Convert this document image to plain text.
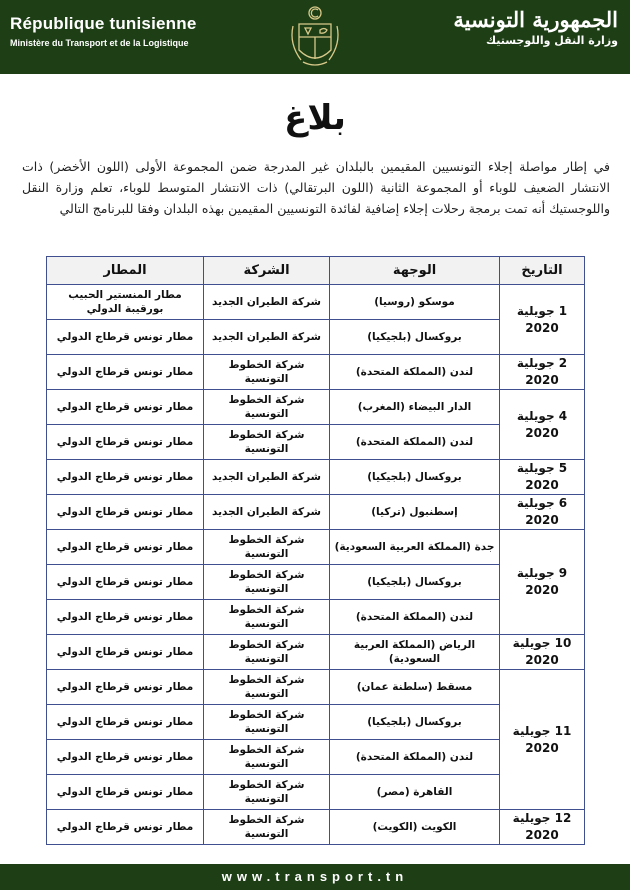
République tunisienne
Ministère du Transport et de la Logistique
الجمهورية التونسية
وزارة النقل واللوجستيك
بلاغ
في إطار مواصلة إجلاء التونسيين المقيمين بالبلدان غير المدرجة ضمن المجموعة الأولى (اللون الأخضر) ذات الانتشار الضعيف للوباء أو المجموعة الثانية (اللون البرتقالي) ذات الانتشار المتوسط للوباء، تعلم وزارة النقل واللوجستيك أنه تمت برمجة رحلات إجلاء إضافية لفائدة التونسيين المقيمين بهذه البلدان وفقا للبرنامج التالي
التاريخ	الوجهة	الشركة	المطار
1 جويلية 2020	موسكو (روسيا)	شركة الطيران الجديد	مطار المنستير الحبيب بورقيبة الدولي
	بروكسال (بلجيكيا)	شركة الطيران الجديد	مطار تونس قرطاج الدولي
2 جويلية 2020	لندن (المملكة المتحدة)	شركة الخطوط التونسية	مطار تونس قرطاج الدولي
4 جويلية 2020	الدار البيضاء (المغرب)	شركة الخطوط التونسية	مطار تونس قرطاج الدولي
	لندن (المملكة المتحدة)	شركة الخطوط التونسية	مطار تونس قرطاج الدولي
5 جويلية 2020	بروكسال (بلجيكيا)	شركة الطيران الجديد	مطار تونس قرطاج الدولي
6 جويلية 2020	إسطنبول (تركيا)	شركة الطيران الجديد	مطار تونس قرطاج الدولي
9 جويلية 2020	جدة (المملكة العربية السعودية)	شركة الخطوط التونسية	مطار تونس قرطاج الدولي
	بروكسال (بلجيكيا)	شركة الخطوط التونسية	مطار تونس قرطاج الدولي
	لندن (المملكة المتحدة)	شركة الخطوط التونسية	مطار تونس قرطاج الدولي
10 جويلية 2020	الرياض (المملكة العربية السعودية)	شركة الخطوط التونسية	مطار تونس قرطاج الدولي
11 جويلية 2020	مسقط (سلطنة عمان)	شركة الخطوط التونسية	مطار تونس قرطاج الدولي
	بروكسال (بلجيكيا)	شركة الخطوط التونسية	مطار تونس قرطاج الدولي
	لندن (المملكة المتحدة)	شركة الخطوط التونسية	مطار تونس قرطاج الدولي
	القاهرة (مصر)	شركة الخطوط التونسية	مطار تونس قرطاج الدولي
12 جويلية 2020	الكويت (الكويت)	شركة الخطوط التونسية	مطار تونس قرطاج الدولي
www.transport.tn
